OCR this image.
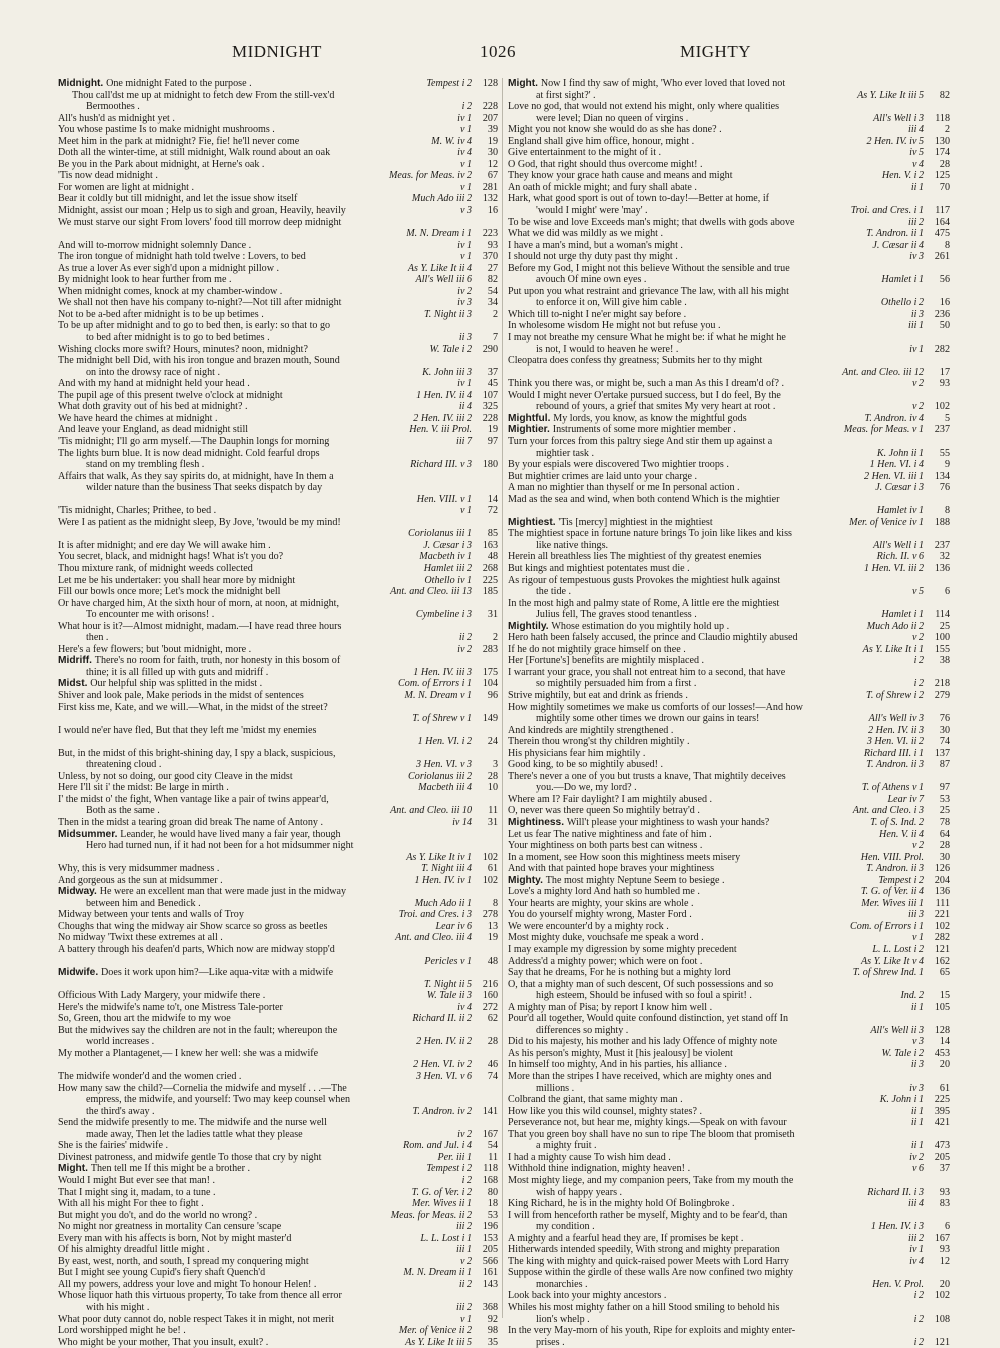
MIDNIGHT	1026	MIGHTY
Midnight. One midnight Fated to the purpose .	Tempest i 2 128
Thou call'dst me up at midnight to fetch dew From the still-vex'd
Bermoothes .	i 2 228
All's hush'd as midnight yet .	iv 1 207
You whose pastime Is to make midnight mushrooms .	v 1 39
Meet him in the park at midnight? Fie, fie! he'll never come	M. W. iv 4 19
Doth all the winter-time, at still midnight, Walk round about an oak	iv 4 30
Be you in the Park about midnight, at Herne's oak .	v 1 12
'Tis now dead midnight .	Meas. for Meas. iv 2 67
For women are light at midnight .	v 1 281
Bear it coldly but till midnight, and let the issue show itself	Much Ado iii 2 132
Midnight, assist our moan ; Help us to sigh and groan, Heavily, heavily	v 3 16
We must starve our sight From lovers' food till morrow deep midnight
M. N. Dream i 1 223
And will to-morrow midnight solemnly Dance .	iv 1 93
The iron tongue of midnight hath told twelve : Lovers, to bed	v 1 370
As true a lover As ever sigh'd upon a midnight pillow .	As Y. Like It ii 4 27
By midnight look to hear further from me .	All's Well iii 6 82
When midnight comes, knock at my chamber-window .	iv 2 54
We shall not then have his company to-night?—Not till after midnight	iv 3 34
Not to be a-bed after midnight is to be up betimes .	T. Night ii 3 2
To be up after midnight and to go to bed then, is early: so that to go
to bed after midnight is to go to bed betimes .	ii 3 7
Wishing clocks more swift? Hours, minutes? noon, midnight?	W. Tale i 2 290
The midnight bell Did, with his iron tongue and brazen mouth, Sound
on into the drowsy race of night .	K. John iii 3 37
And with my hand at midnight held your head .	iv 1 45
The pupil age of this present twelve o'clock at midnight	1 Hen. IV. ii 4 107
What doth gravity out of his bed at midnight? .	ii 4 325
We have heard the chimes at midnight .	2 Hen. IV. iii 2 228
And leave your England, as dead midnight still	Hen. V. iii Prol. 19
'Tis midnight; I'll go arm myself.—The Dauphin longs for morning	iii 7 97
The lights burn blue. It is now dead midnight. Cold fearful drops
stand on my trembling flesh .	Richard III. v 3 180
Affairs that walk, As they say spirits do, at midnight, have In them a
wilder nature than the business That seeks dispatch by day
Hen. VIII. v 1 14
'Tis midnight, Charles; Prithee, to bed .	v 1 72
Were I as patient as the midnight sleep, By Jove, 'twould be my mind!
Coriolanus iii 1 85
It is after midnight; and ere day We will awake him .	J. Cæsar i 3 163
You secret, black, and midnight hags! What is't you do?	Macbeth iv 1 48
Thou mixture rank, of midnight weeds collected	Hamlet iii 2 268
Let me be his undertaker: you shall hear more by midnight	Othello iv 1 225
Fill our bowls once more; Let's mock the midnight bell	Ant. and Cleo. iii 13 185
Or have charged him, At the sixth hour of morn, at noon, at midnight,
To encounter me with orisons! .	Cymbeline i 3 31
What hour is it?—Almost midnight, madam.—I have read three hours
then .	ii 2 2
Here's a few flowers; but 'bout midnight, more .	iv 2 283
Midriff. There's no room for faith, truth, nor honesty in this bosom of
thine; it is all filled up with guts and midriff .	1 Hen. IV. iii 3 175
Midst. Our helpful ship was splitted in the midst .	Com. of Errors i 1 104
Shiver and look pale, Make periods in the midst of sentences	M. N. Dream v 1 96
First kiss me, Kate, and we will.—What, in the midst of the street?
T. of Shrew v 1 149
I would ne'er have fled, But that they left me 'midst my enemies
1 Hen. VI. i 2 24
But, in the midst of this bright-shining day, I spy a black, suspicious,
threatening cloud .	3 Hen. VI. v 3 3
Unless, by not so doing, our good city Cleave in the midst	Coriolanus iii 2 28
Here I'll sit i' the midst: Be large in mirth .	Macbeth iii 4 10
I' the midst o' the fight, When vantage like a pair of twins appear'd,
Both as the same .	Ant. and Cleo. iii 10 11
Then in the midst a tearing groan did break The name of Antony .	iv 14 31
Midsummer. Leander, he would have lived many a fair year, though
Hero had turned nun, if it had not been for a hot midsummer night
As Y. Like It iv 1 102
Why, this is very midsummer madness .	T. Night iii 4 61
And gorgeous as the sun at midsummer .	1 Hen. IV. iv 1 102
Midway. He were an excellent man that were made just in the midway
between him and Benedick .	Much Ado ii 1 8
Midway between your tents and walls of Troy	Troi. and Cres. i 3 278
Choughs that wing the midway air Show scarce so gross as beetles	Lear iv 6 13
No midway 'Twixt these extremes at all .	Ant. and Cleo. iii 4 19
A battery through his deafen'd parts, Which now are midway stopp'd
Pericles v 1 48
Midwife. Does it work upon him?—Like aqua-vitæ with a midwife
T. Night ii 5 216
Officious With Lady Margery, your midwife there .	W. Tale ii 3 160
Here's the midwife's name to't, one Mistress Tale-porter	iv 4 272
So, Green, thou art the midwife to my woe	Richard II. ii 2 62
But the midwives say the children are not in the fault; whereupon the
world increases .	2 Hen. IV. ii 2 28
My mother a Plantagenet,— I knew her well: she was a midwife
2 Hen. VI. iv 2 46
The midwife wonder'd and the women cried .	3 Hen. VI. v 6 74
How many saw the child?—Cornelia the midwife and myself . . .—The
empress, the midwife, and yourself: Two may keep counsel when
the third's away .	T. Andron. iv 2 141
Send the midwife presently to me. The midwife and the nurse well
made away, Then let the ladies tattle what they please	iv 2 167
She is the fairies' midwife .	Rom. and Jul. i 4 54
Divinest patroness, and midwife gentle To those that cry by night	Per. iii 1 11
Might. Then tell me If this might be a brother .	Tempest i 2 118
Would I might But ever see that man! .	i 2 168
That I might sing it, madam, to a tune .	T. G. of Ver. i 2 80
With all his might For thee to fight .	Mer. Wives ii 1 18
But might you do't, and do the world no wrong? .	Meas. for Meas. ii 2 53
No might nor greatness in mortality Can censure 'scape	iii 2 196
Every man with his affects is born, Not by might master'd	L. L. Lost i 1 153
Of his almighty dreadful little might .	iii 1 205
By east, west, north, and south, I spread my conquering might	v 2 566
But I might see young Cupid's fiery shaft Quench'd	M. N. Dream ii 1 161
All my powers, address your love and might To honour Helen! .	ii 2 143
Whose liquor hath this virtuous property, To take from thence all error
with his might .	iii 2 368
What poor duty cannot do, noble respect Takes it in might, not merit	v 1 92
Lord worshipped might he be! .	Mer. of Venice ii 2 98
Who might be your mother, That you insult, exult? .	As Y. Like It iii 5 35
Might. Now I find thy saw of might, 'Who ever loved that loved not
at first sight?' .	As Y. Like It iii 5 82
Love no god, that would not extend his might, only where qualities
were level; Dian no queen of virgins .	All's Well i 3 118
Might you not know she would do as she has done? .	iii 4 2
England shall give him office, honour, might .	2 Hen. IV. iv 5 130
Give entertainment to the might of it .	iv 5 174
O God, that right should thus overcome might! .	v 4 28
They know your grace hath cause and means and might	Hen. V. i 2 125
An oath of mickle might; and fury shall abate .	ii 1 70
Hark, what good sport is out of town to-day!—Better at home, if
'would I might' were 'may' .	Troi. and Cres. i 1 117
To be wise and love Exceeds man's might; that dwells with gods above	iii 2 164
What we did was mildly as we might .	T. Andron. ii 1 475
I have a man's mind, but a woman's might .	J. Cæsar ii 4 8
I should not urge thy duty past thy might .	iv 3 261
Before my God, I might not this believe Without the sensible and true
avouch Of mine own eyes .	Hamlet i 1 56
Put upon you what restraint and grievance The law, with all his might
to enforce it on, Will give him cable .	Othello i 2 16
Which till to-night I ne'er might say before .	ii 3 236
In wholesome wisdom He might not but refuse you .	iii 1 50
I may not breathe my censure What he might be: if what he might he
is not, I would to heaven he were! .	iv 1 282
Cleopatra does confess thy greatness; Submits her to thy might
Ant. and Cleo. iii 12 17
Think you there was, or might be, such a man As this I dream'd of? .	v 2 93
Would I might never O'ertake pursued success, but I do feel, By the
rebound of yours, a grief that smites My very heart at root .	v 2 102
Mightful. My lords, you know, as know the mightful gods	T. Andron. iv 4 5
Mightier. Instruments of some more mightier member .	Meas. for Meas. v 1 237
Turn your forces from this paltry siege And stir them up against a
mightier task .	K. John ii 1 55
By your espials were discovered Two mightier troops .	1 Hen. VI. i 4 9
But mightier crimes are laid unto your charge .	2 Hen. VI. iii 1 134
A man no mightier than thyself or me In personal action .	J. Cæsar i 3 76
Mad as the sea and wind, when both contend Which is the mightier
Hamlet iv 1 8
Mightiest. 'Tis [mercy] mightiest in the mightiest	Mer. of Venice iv 1 188
The mightiest space in fortune nature brings To join like likes and kiss
like native things.	All's Well i 1 237
Herein all breathless lies The mightiest of thy greatest enemies	Rich. II. v 6 32
But kings and mightiest potentates must die .	1 Hen. VI. iii 2 136
As rigour of tempestuous gusts Provokes the mightiest hulk against
the tide .	v 5 6
In the most high and palmy state of Rome, A little ere the mightiest
Julius fell, The graves stood tenantless .	Hamlet i 1 114
Mightily. Whose estimation do you mightily hold up .	Much Ado ii 2 25
Hero hath been falsely accused, the prince and Claudio mightily abused	v 2 100
If he do not mightily grace himself on thee .	As Y. Like It i 1 155
Her [Fortune's] benefits are mightily misplaced .	i 2 38
I warrant your grace, you shall not entreat him to a second, that have
so mightily persuaded him from a first .	i 2 218
Strive mightily, but eat and drink as friends .	T. of Shrew i 2 279
How mightily sometimes we make us comforts of our losses!—And how
mightily some other times we drown our gains in tears!	All's Well iv 3 76
And kindreds are mightily strengthened .	2 Hen. IV. ii 3 30
Therein thou wrong'st thy children mightily .	3 Hen. VI. ii 2 74
His physicians fear him mightily .	Richard III. i 1 137
Good king, to be so mightily abused! .	T. Andron. ii 3 87
There's never a one of you but trusts a knave, That mightily deceives
you.—Do we, my lord? .	T. of Athens v 1 97
Where am I? Fair daylight? I am mightily abused .	Lear iv 7 53
O, never was there queen So mightily betray'd .	Ant. and Cleo. i 3 25
Mightiness. Will't please your mightiness to wash your hands?	T. of S. Ind. 2 78
Let us fear The native mightiness and fate of him .	Hen. V. ii 4 64
Your mightiness on both parts best can witness .	v 2 28
In a moment, see How soon this mightiness meets misery	Hen. VIII. Prol. 30
And with that painted hope braves your mightiness	T. Andron. ii 3 126
Mighty. The most mighty Neptune Seem to besiege .	Tempest i 2 204
Love's a mighty lord And hath so humbled me .	T. G. of Ver. ii 4 136
Your hearts are mighty, your skins are whole .	Mer. Wives iii 1 111
You do yourself mighty wrong, Master Ford .	iii 3 221
We were encounter'd by a mighty rock .	Com. of Errors i 1 102
Most mighty duke, vouchsafe me speak a word .	v 1 282
I may example my digression by some mighty precedent	L. L. Lost i 2 121
Address'd a mighty power; which were on foot .	As Y. Like It v 4 162
Say that he dreams, For he is nothing but a mighty lord	T. of Shrew Ind. 1 65
O, that a mighty man of such descent, Of such possessions and so
high esteem, Should be infused with so foul a spirit! .	Ind. 2 15
A mighty man of Pisa; by report I know him well .	ii 1 105
Pour'd all together, Would quite confound distinction, yet stand off In
differences so mighty .	All's Well ii 3 128
Did to his majesty, his mother and his lady Offence of mighty note	v 3 14
As his person's mighty, Must it [his jealousy] be violent	W. Tale i 2 453
In himself too mighty, And in his parties, his alliance .	ii 3 20
More than the stripes I have received, which are mighty ones and
millions .	iv 3 61
Colbrand the giant, that same mighty man .	K. John i 1 225
How like you this wild counsel, mighty states? .	ii 1 395
Perseverance not, but hear me, mighty kings.—Speak on with favour	ii 1 421
That you green boy shall have no sun to ripe The bloom that promiseth
a mighty fruit .	ii 1 473
I had a mighty cause To wish him dead .	iv 2 205
Withhold thine indignation, mighty heaven! .	v 6 37
Most mighty liege, and my companion peers, Take from my mouth the
wish of happy years .	Richard II. i 3 93
King Richard, he is in the mighty hold Of Bolingbroke .	iii 4 83
I will from henceforth rather be myself, Mighty and to be fear'd, than
my condition .	1 Hen. IV. i 3 6
A mighty and a fearful head they are, If promises be kept .	iii 2 167
Hitherwards intended speedily, With strong and mighty preparation	iv 1 93
The king with mighty and quick-raised power Meets with Lord Harry	iv 4 12
Suppose within the girdle of these walls Are now confined two mighty
monarchies .	Hen. V. Prol. 20
Look back into your mighty ancestors .	i 2 102
Whiles his most mighty father on a hill Stood smiling to behold his
lion's whelp .	i 2 108
In the very May-morn of his youth, Ripe for exploits and mighty enter-
prises .	i 2 121
